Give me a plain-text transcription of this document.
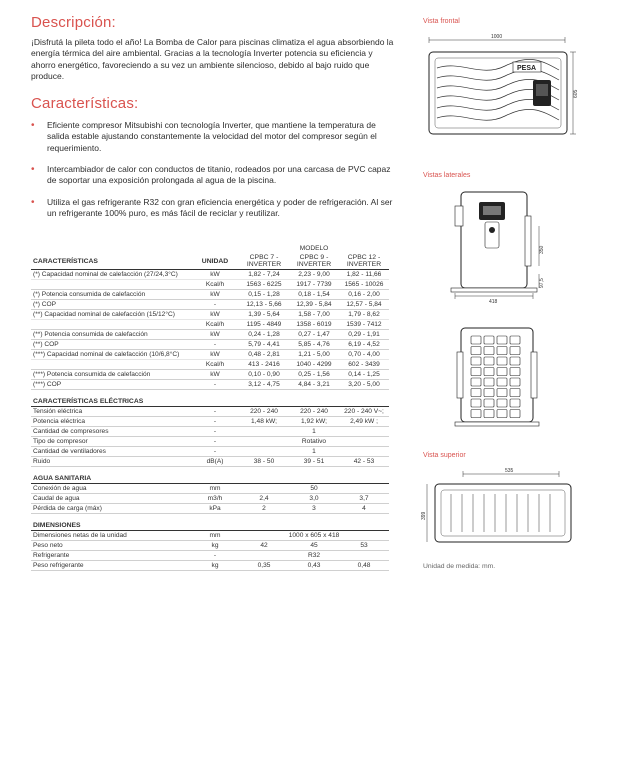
Descripción:

¡Disfrutá la pileta todo el año! La Bomba de Calor para piscinas climatiza el agua absorbiendo la energía térmica del aire ambiental. Gracias a la tecnología Inverter potencia su eficiencia y ahorro energético, favoreciendo a su vez un ambiente silencioso, debido al bajo ruido que produce.

Características:
• Eficiente compresor Mitsubishi con tecnología Inverter, que mantiene la temperatura de salida estable ajustando constantemente la velocidad del motor del compresor según el requerimiento.
• Intercambiador de calor con conductos de titanio, rodeados por una carcasa de PVC capaz de soportar una exposición prolongada al agua de la piscina.
• Utiliza el gas refrigerante R32 con gran eficiencia energética y poder de refrigeración. Al ser un refrigerante 100% puro, es más fácil de reciclar y reutilizar.
		MODELO		
CARACTERÍSTICAS	UNIDAD	CPBC 7 - INVERTER	CPBC 9 - INVERTER	CPBC 12 - INVERTER
(*) Capacidad nominal de calefacción (27/24,3°C)	kW	1,82 - 7,24	2,23 - 9,00	1,82 - 11,66
	Kcal/h	1563 - 6225	1917 - 7739	1565 - 10026
(*) Potencia consumida de calefacción	kW	0,15 - 1,28	0,18 - 1,54	0,16 - 2,00
(*) COP	-	12,13 - 5,66	12,39 - 5,84	12,57 - 5,84
(**) Capacidad nominal de calefacción (15/12°C)	kW	1,39 - 5,64	1,58 - 7,00	1,79 - 8,62
	Kcal/h	1195 - 4849	1358 - 6019	1539 - 7412
(**) Potencia consumida de calefacción	kW	0,24 - 1,28	0,27 - 1,47	0,29 - 1,91
(**) COP	-	5,79 - 4,41	5,85 - 4,76	6,19 - 4,52
(***) Capacidad nominal de calefacción (10/6,8°C)	kW	0,48 - 2,81	1,21 - 5,00	0,70 - 4,00
	Kcal/h	413 - 2416	1040 - 4299	602 - 3439
(***) Potencia consumida de calefacción	kW	0,10 - 0,90	0,25 - 1,56	0,14 - 1,25
(***) COP	-	3,12 - 4,75	4,84 - 3,21	3,20 - 5,00
CARACTERÍSTICAS ELÉCTRICAS				
Tensión eléctrica	-	220 - 240	220 - 240	220 - 240 V~;
Potencia eléctrica	-	1,48 kW;	1,92 kW;	2,49 kW ;
Cantidad de compresores	-	1		
Tipo de compresor	-	Rotativo		
Cantidad de ventiladores	-	1		
Ruido	dB(A)	38 - 50	39 - 51	42 - 53
AGUA SANITARIA				
Conexión de agua	mm	50		
Caudal de agua	m3/h	2,4	3,0	3,7
Pérdida de carga (máx)	kPa	2	3	4
DIMENSIONES				
Dimensiones netas de la unidad	mm	1000 x 605 x 418		
Peso neto	kg	42	45	53
Refrigerante	-	R32		
Peso refrigerante	kg	0,35	0,43	0,48
Vista frontal
1000
PESA
605
Vistas laterales
418
350
97,5
Vista superior
535
399
Unidad de medida: mm.
